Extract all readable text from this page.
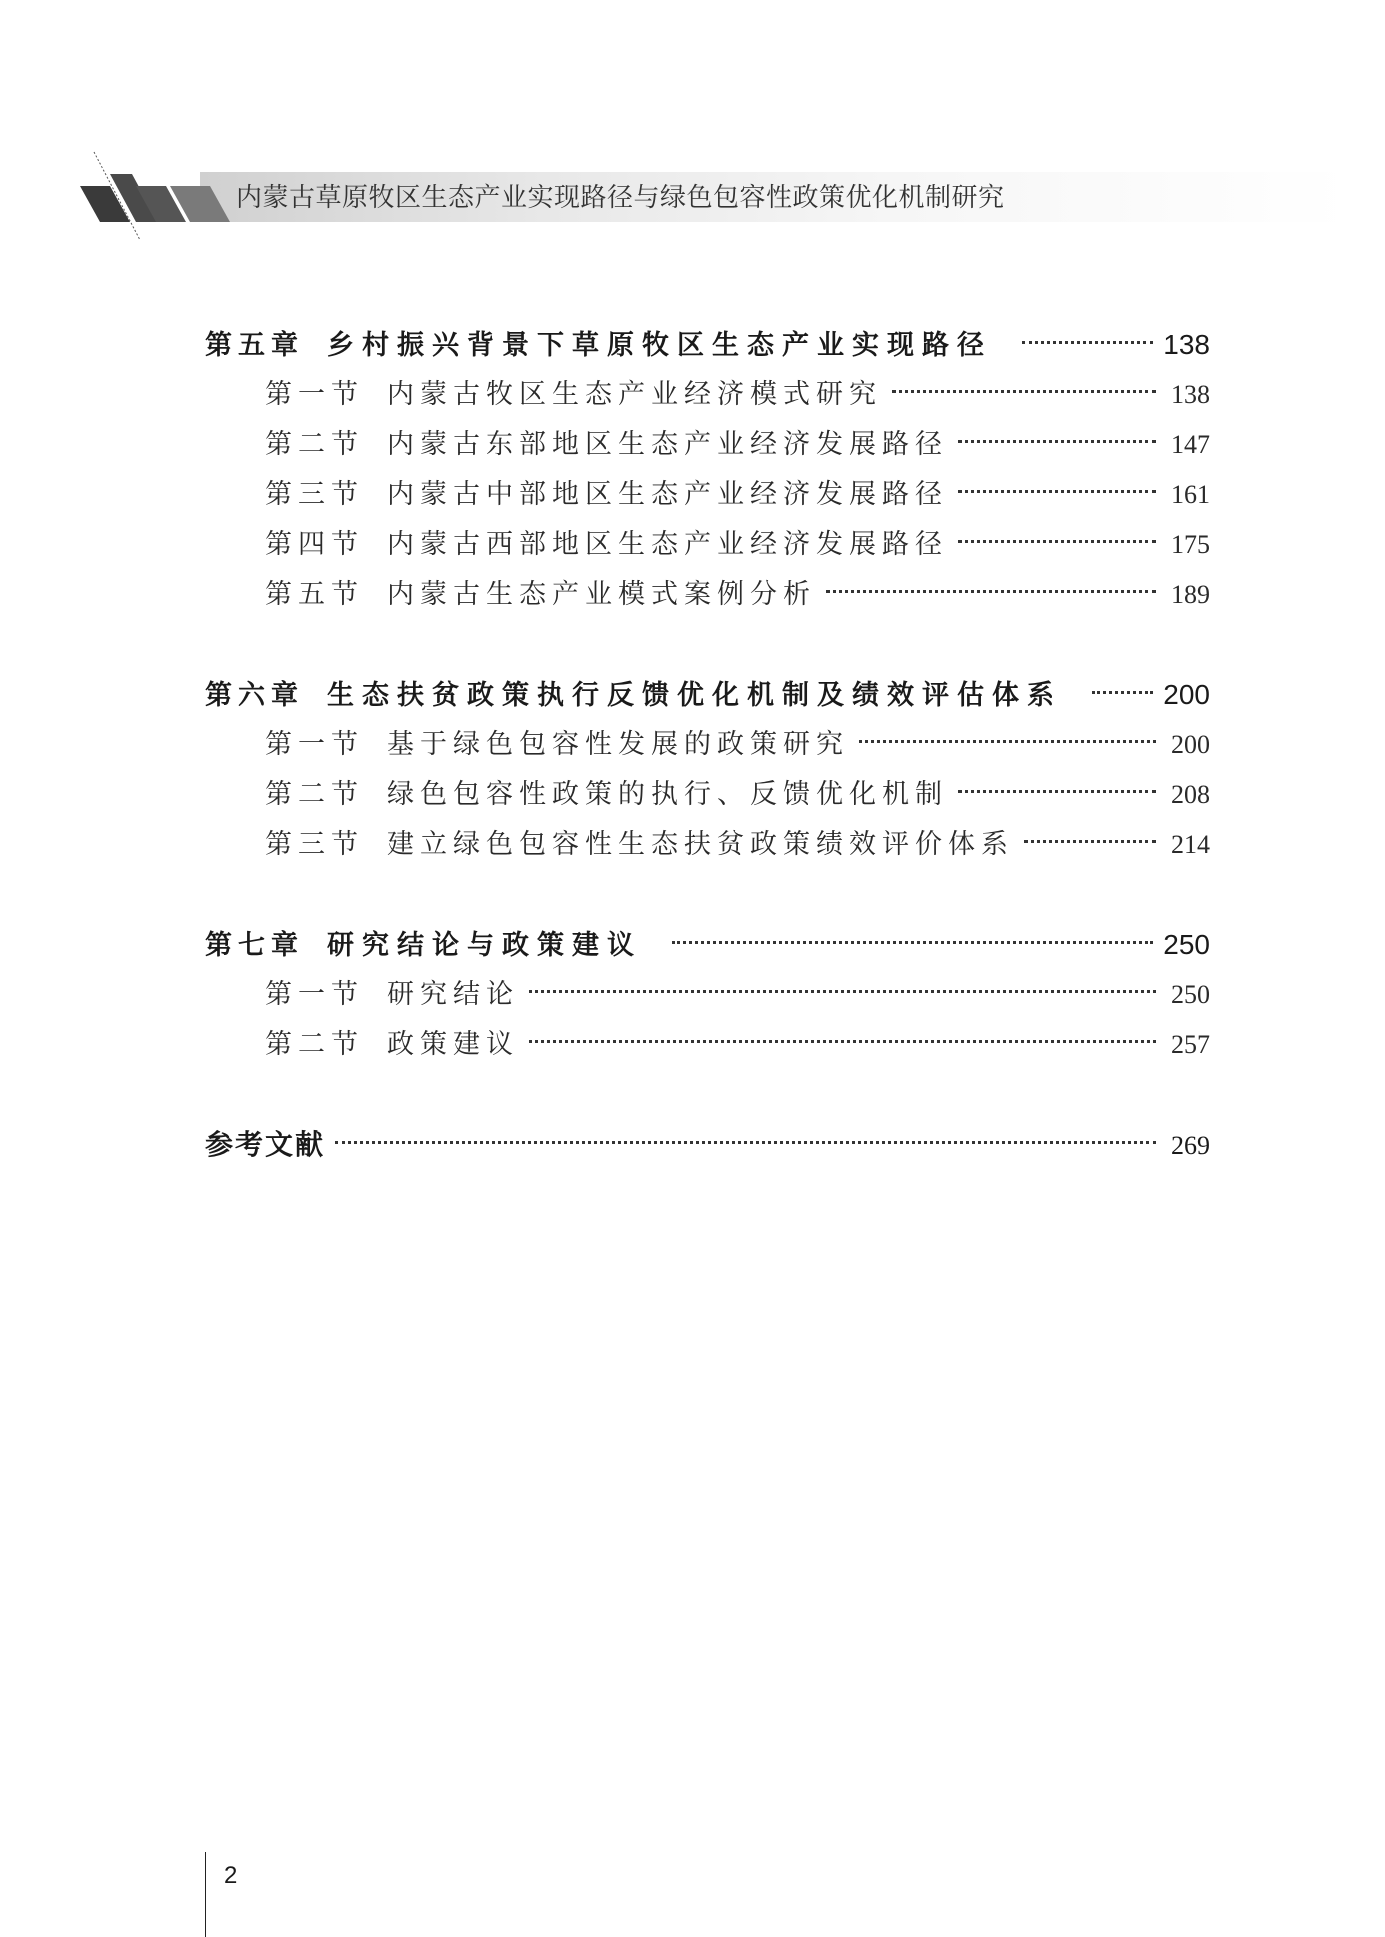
内蒙古草原牧区生态产业实现路径与绿色包容性政策优化机制研究
第五章 乡村振兴背景下草原牧区生态产业实现路径	138
第一节 内蒙古牧区生态产业经济模式研究	138
第二节 内蒙古东部地区生态产业经济发展路径	147
第三节 内蒙古中部地区生态产业经济发展路径	161
第四节 内蒙古西部地区生态产业经济发展路径	175
第五节 内蒙古生态产业模式案例分析	189
第六章 生态扶贫政策执行反馈优化机制及绩效评估体系	200
第一节 基于绿色包容性发展的政策研究	200
第二节 绿色包容性政策的执行、反馈优化机制	208
第三节 建立绿色包容性生态扶贫政策绩效评价体系	214
第七章 研究结论与政策建议	250
第一节 研究结论	250
第二节 政策建议	257
参考文献	269
2
